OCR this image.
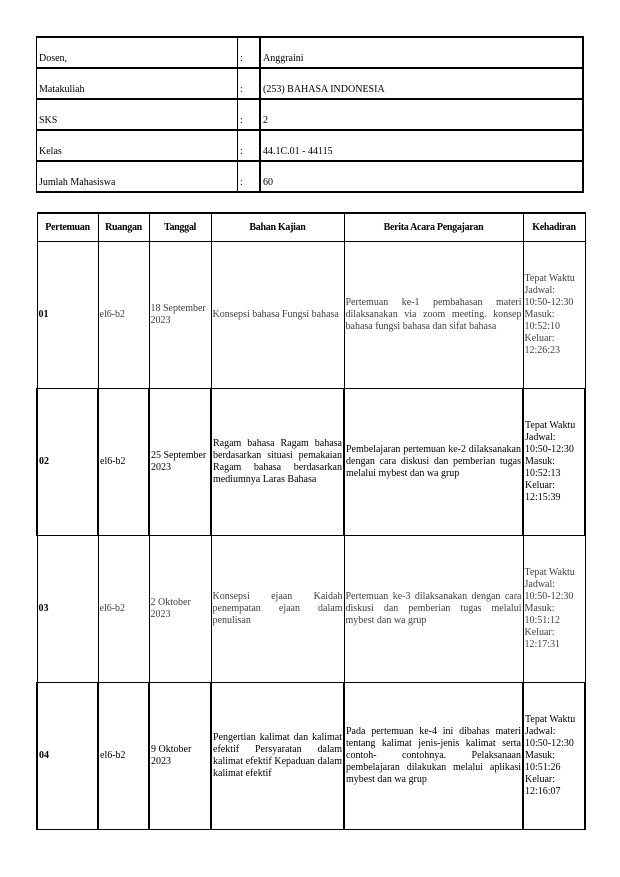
Dosen,	:	Anggraini
Matakuliah	:	(253) BAHASA INDONESIA
SKS	:	2
Kelas	:	44.1C.01 - 44115
Jumlah Mahasiswa	:	60
Pertemuan	Ruangan	Tanggal	Bahan Kajian	Berita Acara Pengajaran	Kehadiran
01	el6-b2	18 September 2023	Konsepsi bahasa Fungsi bahasa	Pertemuan ke-1 pembahasan materi dilaksanakan via zoom meeting. konsep bahasa fungsi bahasa dan sifat bahasa	Tepat Waktu Jadwal: 10:50-12:30 Masuk: 10:52:10 Keluar: 12:26:23
02	el6-b2	25 September 2023	Ragam bahasa Ragam bahasa berdasarkan situasi pemakaian Ragam bahasa berdasarkan mediumnya Laras Bahasa	Pembelajaran pertemuan ke-2 dilaksanakan dengan cara diskusi dan pemberian tugas melalui mybest dan wa grup	Tepat Waktu Jadwal: 10:50-12:30 Masuk: 10:52:13 Keluar: 12:15:39
03	el6-b2	2 Oktober 2023	Konsepsi ejaan Kaidah penempatan ejaan dalam penulisan	Pertemuan ke-3 dilaksanakan dengan cara diskusi dan pemberian tugas melalui mybest dan wa grup	Tepat Waktu Jadwal: 10:50-12:30 Masuk: 10:51:12 Keluar: 12:17:31
04	el6-b2	9 Oktober 2023	Pengertian kalimat dan kalimat efektif Persyaratan dalam kalimat efektif Kepaduan dalam kalimat efektif	Pada pertemuan ke-4 ini dibahas materi tentang kalimat jenis-jenis kalimat serta contoh- contohnya. Pelaksanaan pembelajaran dilakukan melalui aplikasi mybest dan wa grup	Tepat Waktu Jadwal: 10:50-12:30 Masuk: 10:51:26 Keluar: 12:16:07
